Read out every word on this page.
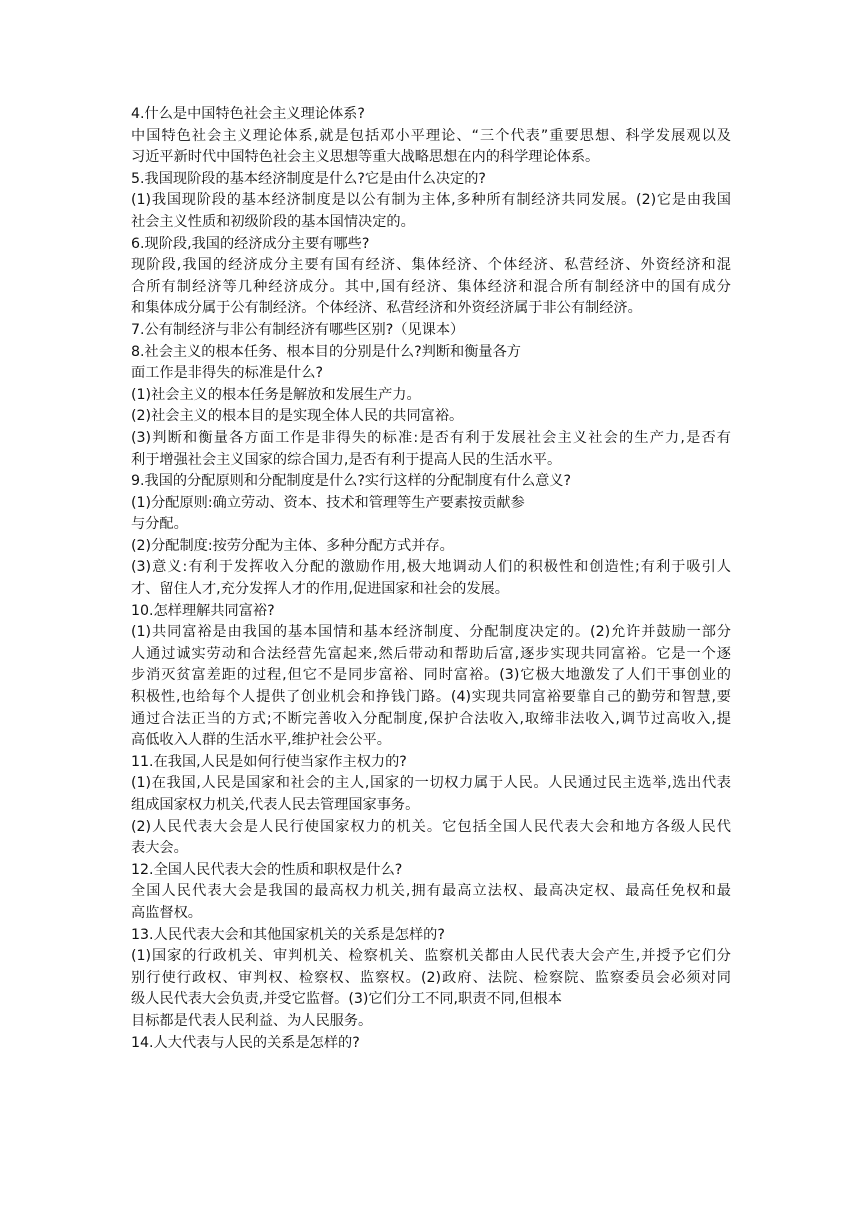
4.什么是中国特色社会主义理论体系?
中国特色社会主义理论体系,就是包括邓小平理论、“三个代表”重要思想、科学发展观以及
习近平新时代中国特色社会主义思想等重大战略思想在内的科学理论体系。
5.我国现阶段的基本经济制度是什么?它是由什么决定的?
(1)我国现阶段的基本经济制度是以公有制为主体,多种所有制经济共同发展。(2)它是由我国
社会主义性质和初级阶段的基本国情决定的。
6.现阶段,我国的经济成分主要有哪些?
现阶段,我国的经济成分主要有国有经济、集体经济、个体经济、私营经济、外资经济和混
合所有制经济等几种经济成分。其中,国有经济、集体经济和混合所有制经济中的国有成分
和集体成分属于公有制经济。个体经济、私营经济和外资经济属于非公有制经济。
7.公有制经济与非公有制经济有哪些区别?（见课本）
8.社会主义的根本任务、根本目的分别是什么?判断和衡量各方
面工作是非得失的标准是什么?
(1)社会主义的根本任务是解放和发展生产力。
(2)社会主义的根本目的是实现全体人民的共同富裕。
(3)判断和衡量各方面工作是非得失的标准:是否有利于发展社会主义社会的生产力,是否有
利于增强社会主义国家的综合国力,是否有利于提高人民的生活水平。
9.我国的分配原则和分配制度是什么?实行这样的分配制度有什么意义?
(1)分配原则:确立劳动、资本、技术和管理等生产要素按贡献参
与分配。
(2)分配制度:按劳分配为主体、多种分配方式并存。
(3)意义:有利于发挥收入分配的激励作用,极大地调动人们的积极性和创造性;有利于吸引人
才、留住人才,充分发挥人才的作用,促进国家和社会的发展。
10.怎样理解共同富裕?
(1)共同富裕是由我国的基本国情和基本经济制度、分配制度决定的。(2)允许并鼓励一部分
人通过诚实劳动和合法经营先富起来,然后带动和帮助后富,逐步实现共同富裕。它是一个逐
步消灭贫富差距的过程,但它不是同步富裕、同时富裕。(3)它极大地激发了人们干事创业的
积极性,也给每个人提供了创业机会和挣钱门路。(4)实现共同富裕要靠自己的勤劳和智慧,要
通过合法正当的方式;不断完善收入分配制度,保护合法收入,取缔非法收入,调节过高收入,提
高低收入人群的生活水平,维护社会公平。
11.在我国,人民是如何行使当家作主权力的?
(1)在我国,人民是国家和社会的主人,国家的一切权力属于人民。人民通过民主选举,选出代表
组成国家权力机关,代表人民去管理国家事务。
(2)人民代表大会是人民行使国家权力的机关。它包括全国人民代表大会和地方各级人民代
表大会。
12.全国人民代表大会的性质和职权是什么?
全国人民代表大会是我国的最高权力机关,拥有最高立法权、最高决定权、最高任免权和最
高监督权。
13.人民代表大会和其他国家机关的关系是怎样的?
(1)国家的行政机关、审判机关、检察机关、监察机关都由人民代表大会产生,并授予它们分
别行使行政权、审判权、检察权、监察权。(2)政府、法院、检察院、监察委员会必须对同
级人民代表大会负责,并受它监督。(3)它们分工不同,职责不同,但根本
目标都是代表人民利益、为人民服务。
14.人大代表与人民的关系是怎样的?
